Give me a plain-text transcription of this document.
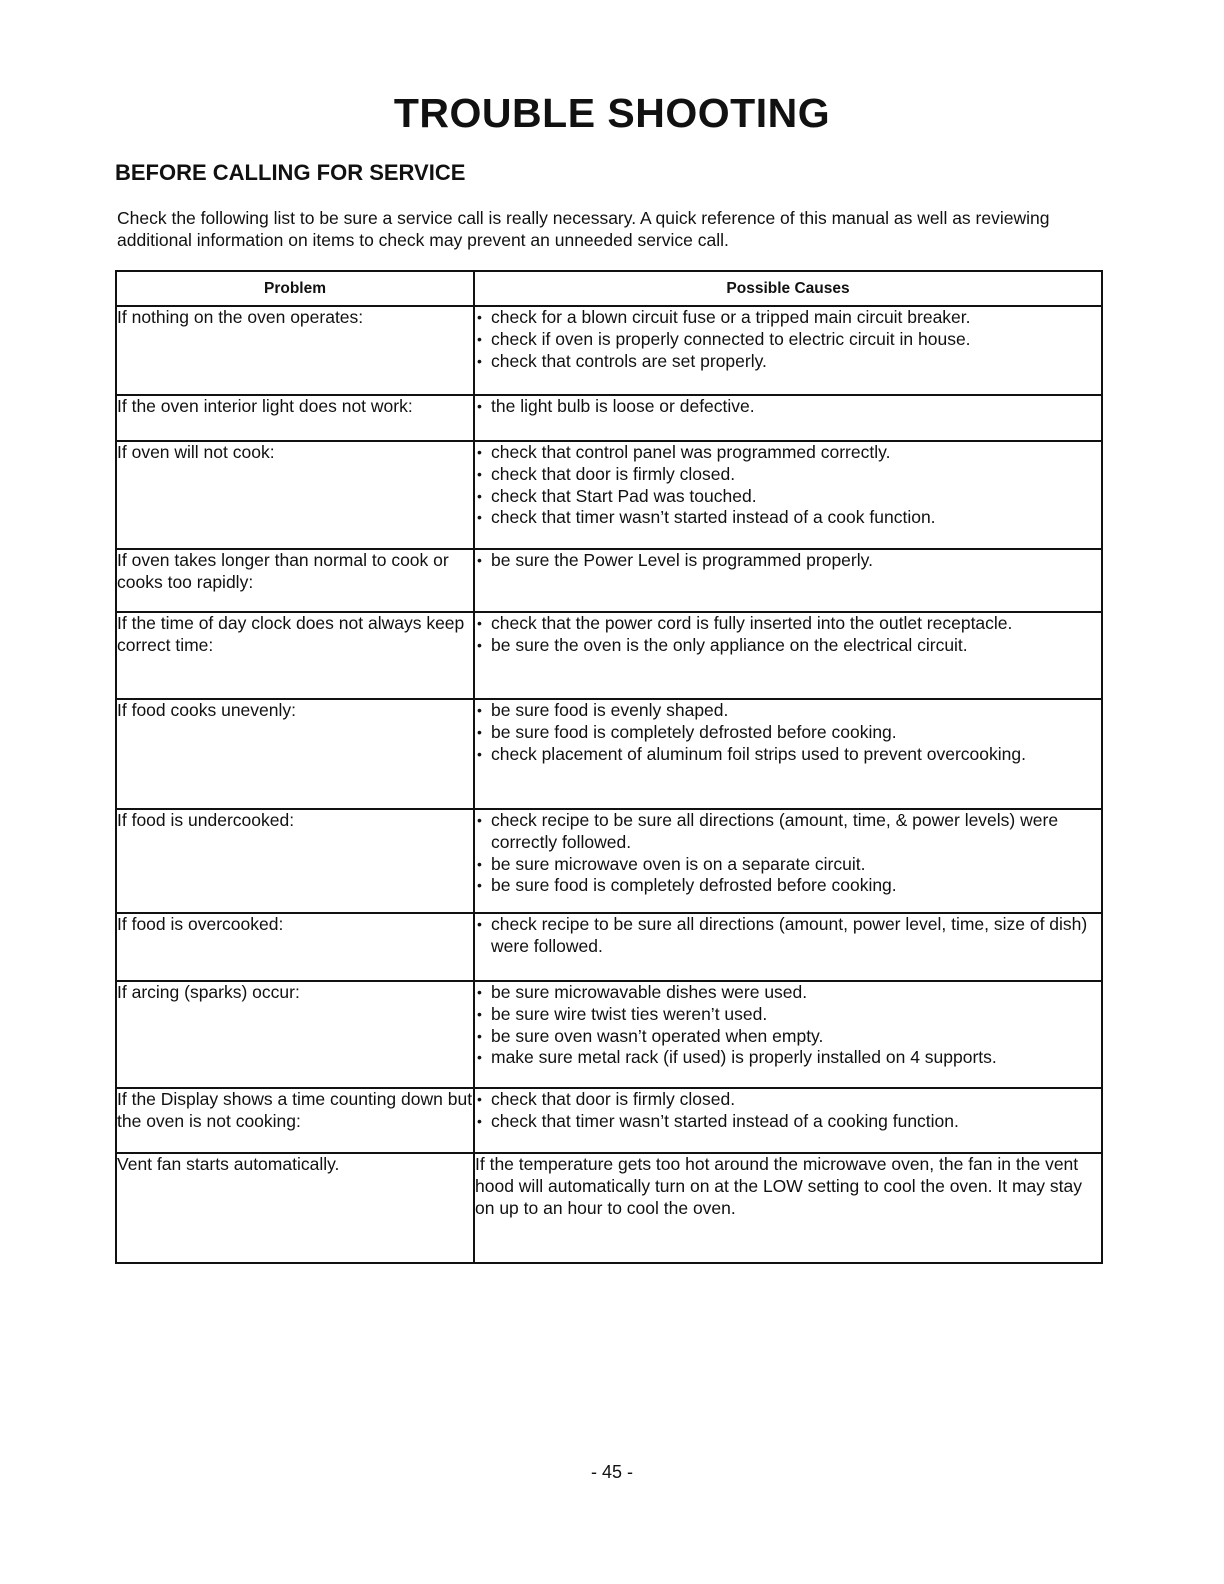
TROUBLE SHOOTING
BEFORE CALLING FOR SERVICE
Check the following list to be sure a service call is really necessary. A quick reference of this manual as well as reviewing additional information on items to check may prevent an unneeded service call.
Problem	Possible Causes
If nothing on the oven operates:	
•check for a blown circuit fuse or a tripped main circuit breaker.
• check if oven is properly connected to electric circuit in house.
• check that controls are set properly.

If the oven interior light does not work:	
•the light bulb is loose or defective.

If oven will not cook:	
•check that control panel was programmed correctly.
• check that door is firmly closed.
• check that Start Pad was touched.
• check that timer wasn’t started instead of a cook function.

If oven takes longer than normal to cook or cooks too rapidly:	
• be sure the Power Level is programmed properly.

If the time of day clock does not always keep correct time:	
• check that the power cord is fully inserted into the outlet receptacle.
• be sure the oven is the only appliance on the electrical circuit.

If food cooks unevenly:	
•be sure food is evenly shaped.
• be sure food is completely defrosted before cooking.
• check placement of aluminum foil strips used to prevent overcooking.

If food is undercooked:	
•check recipe to be sure all directions (amount, time, & power levels) were correctly followed.
• be sure microwave oven is on a separate circuit.
• be sure food is completely defrosted before cooking.

If food is overcooked:	
•check recipe to be sure all directions (amount, power level, time, size of dish) were followed.

If arcing (sparks) occur:	
•be sure microwavable dishes were used.
• be sure wire twist ties weren’t used.
• be sure oven wasn’t operated when empty.
• make sure metal rack (if used) is properly installed on 4 supports.

If the Display shows a time counting down but the oven is not cooking:	
• check that door is firmly closed.
• check that timer wasn’t started instead of a cooking function.

Vent fan starts automatically.	If the temperature gets too hot around the microwave oven, the fan in the vent hood will automatically turn on at the LOW setting to cool the oven. It may stay on up to an hour to cool the oven.
- 45 -
